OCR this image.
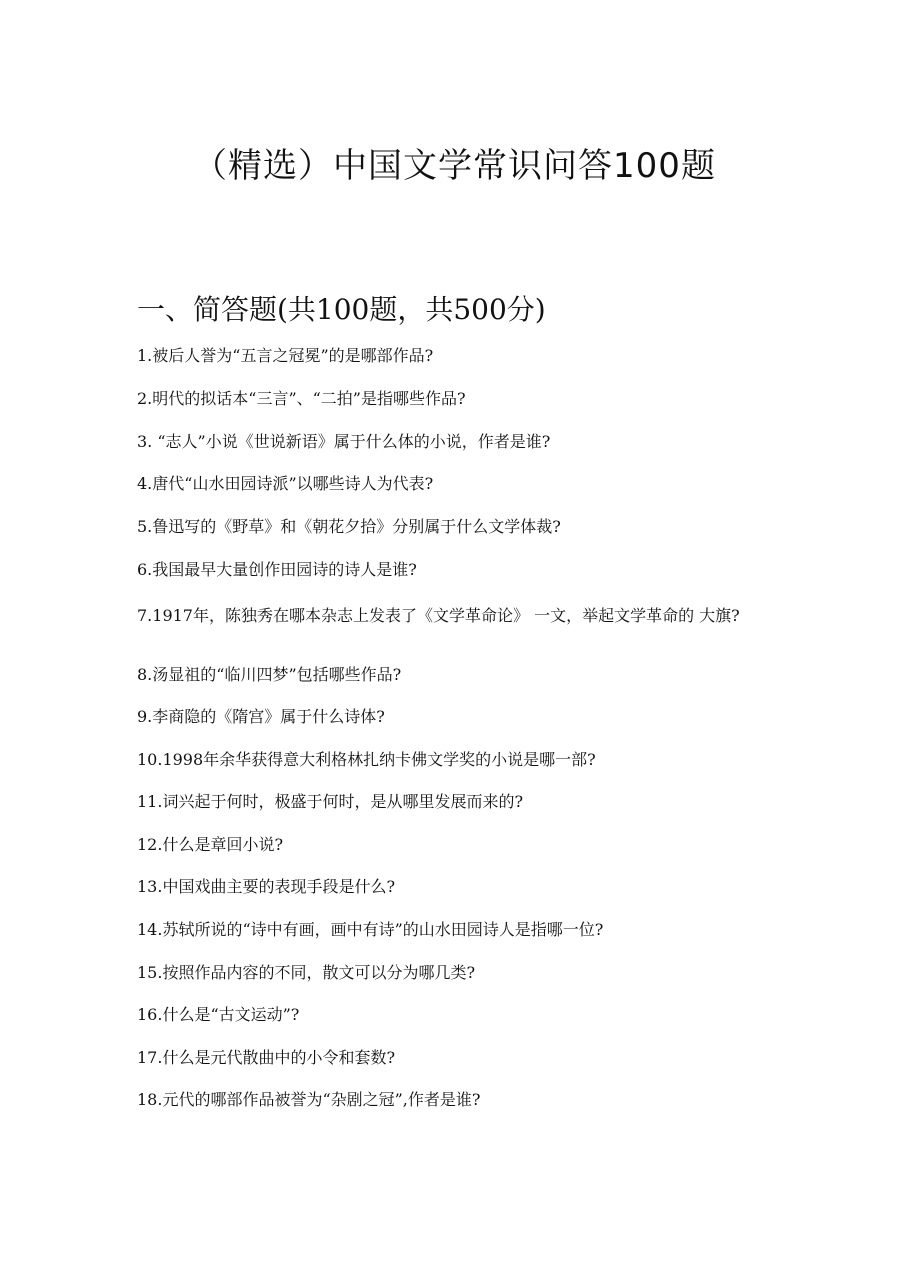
（精选）中国文学常识问答100题
一、简答题(共100题，共500分)
1.被后人誉为“五言之冠冕”的是哪部作品?
2.明代的拟话本“三言”、“二拍”是指哪些作品?
3. “志人”小说《世说新语》属于什么体的小说，作者是谁?
4.唐代“山水田园诗派”以哪些诗人为代表?
5.鲁迅写的《野草》和《朝花夕拾》分别属于什么文学体裁?
6.我国最早大量创作田园诗的诗人是谁?
7.1917年，陈独秀在哪本杂志上发表了《文学革命论》 一文，举起文学革命的 大旗?
8.汤显祖的“临川四梦”包括哪些作品?
9.李商隐的《隋宫》属于什么诗体?
10.1998年余华获得意大利格林扎纳卡佛文学奖的小说是哪一部?
11.词兴起于何时，极盛于何时，是从哪里发展而来的?
12.什么是章回小说?
13.中国戏曲主要的表现手段是什么?
14.苏轼所说的“诗中有画，画中有诗”的山水田园诗人是指哪一位?
15.按照作品内容的不同，散文可以分为哪几类?
16.什么是“古文运动”?
17.什么是元代散曲中的小令和套数?
18.元代的哪部作品被誉为“杂剧之冠”,作者是谁?
